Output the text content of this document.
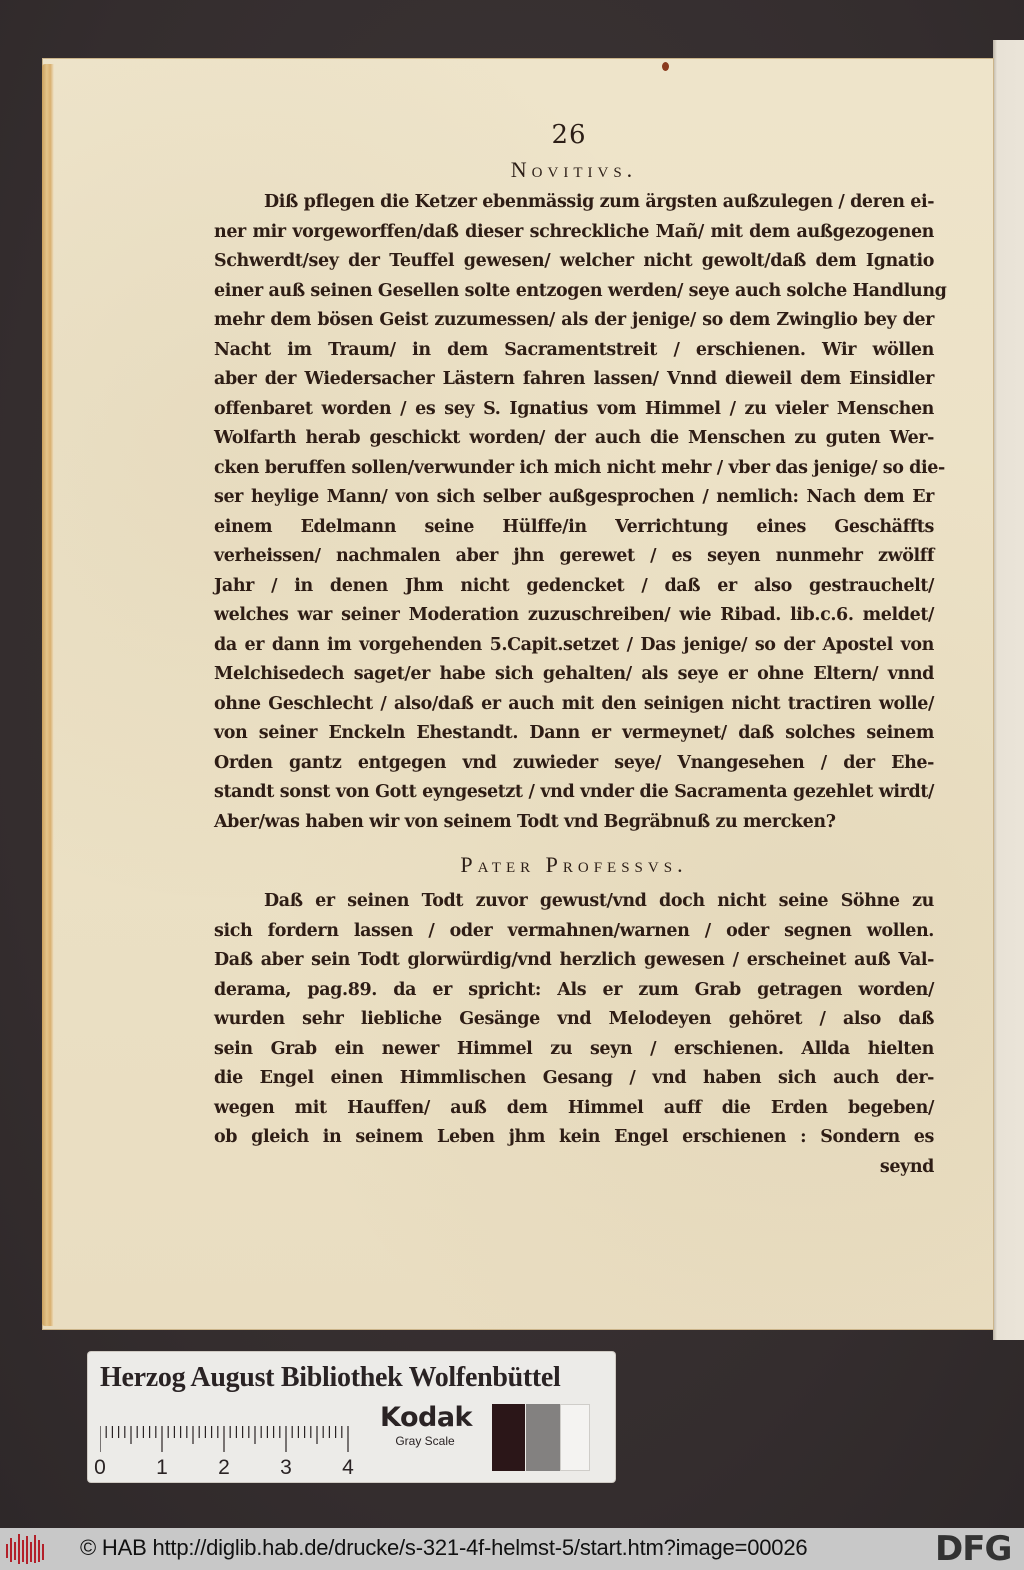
26
Novitivs.
Diß pflegen die Ketzer ebenmässig zum ärgsten außzulegen / deren ei-
ner mir vorgeworffen/daß dieser schreckliche Mañ/ mit dem außgezogenen
Schwerdt/sey der Teuffel gewesen/ welcher nicht gewolt/daß dem Ignatio
einer auß seinen Gesellen solte entzogen werden/ seye auch solche Handlung
mehr dem bösen Geist zuzumessen/ als der jenige/ so dem Zwinglio bey der
Nacht im Traum/ in dem Sacramentstreit / erschienen. Wir wöllen
aber der Wiedersacher Lästern fahren lassen/ Vnnd dieweil dem Einsidler
offenbaret worden / es sey S. Ignatius vom Himmel / zu vieler Menschen
Wolfarth herab geschickt worden/ der auch die Menschen zu guten Wer-
cken beruffen sollen/verwunder ich mich nicht mehr / vber das jenige/ so die-
ser heylige Mann/ von sich selber außgesprochen / nemlich: Nach dem Er
einem Edelmann seine Hülffe/in Verrichtung eines Geschäffts
verheissen/ nachmalen aber jhn gerewet / es seyen nunmehr zwölff
Jahr / in denen Jhm nicht gedencket / daß er also gestrauchelt/
welches war seiner Moderation zuzuschreiben/ wie Ribad. lib.c.6. meldet/
da er dann im vorgehenden 5.Capit.setzet / Das jenige/ so der Apostel von
Melchisedech saget/er habe sich gehalten/ als seye er ohne Eltern/ vnnd
ohne Geschlecht / also/daß er auch mit den seinigen nicht tractiren wolle/
von seiner Enckeln Ehestandt. Dann er vermeynet/ daß solches seinem
Orden gantz entgegen vnd zuwieder seye/ Vnangesehen / der Ehe-
standt sonst von Gott eyngesetzt / vnd vnder die Sacramenta gezehlet wirdt/
Aber/was haben wir von seinem Todt vnd Begräbnuß zu mercken?
Pater Professvs.
Daß er seinen Todt zuvor gewust/vnd doch nicht seine Söhne zu
sich fordern lassen / oder vermahnen/warnen / oder segnen wollen.
Daß aber sein Todt glorwürdig/vnd herzlich gewesen / erscheinet auß Val-
derama, pag.89. da er spricht: Als er zum Grab getragen worden/
wurden sehr liebliche Gesänge vnd Melodeyen gehöret / also daß
sein Grab ein newer Himmel zu seyn / erschienen. Allda hielten
die Engel einen Himmlischen Gesang / vnd haben sich auch der-
wegen mit Hauffen/ auß dem Himmel auff die Erden begeben/
ob gleich in seinem Leben jhm kein Engel erschienen : Sondern es
seynd
Herzog August Bibliothek Wolfenbüttel
0 1 2 3 4
Kodak
Gray Scale
© HAB http://diglib.hab.de/drucke/s-321-4f-helmst-5/start.htm?image=00026	DFG
